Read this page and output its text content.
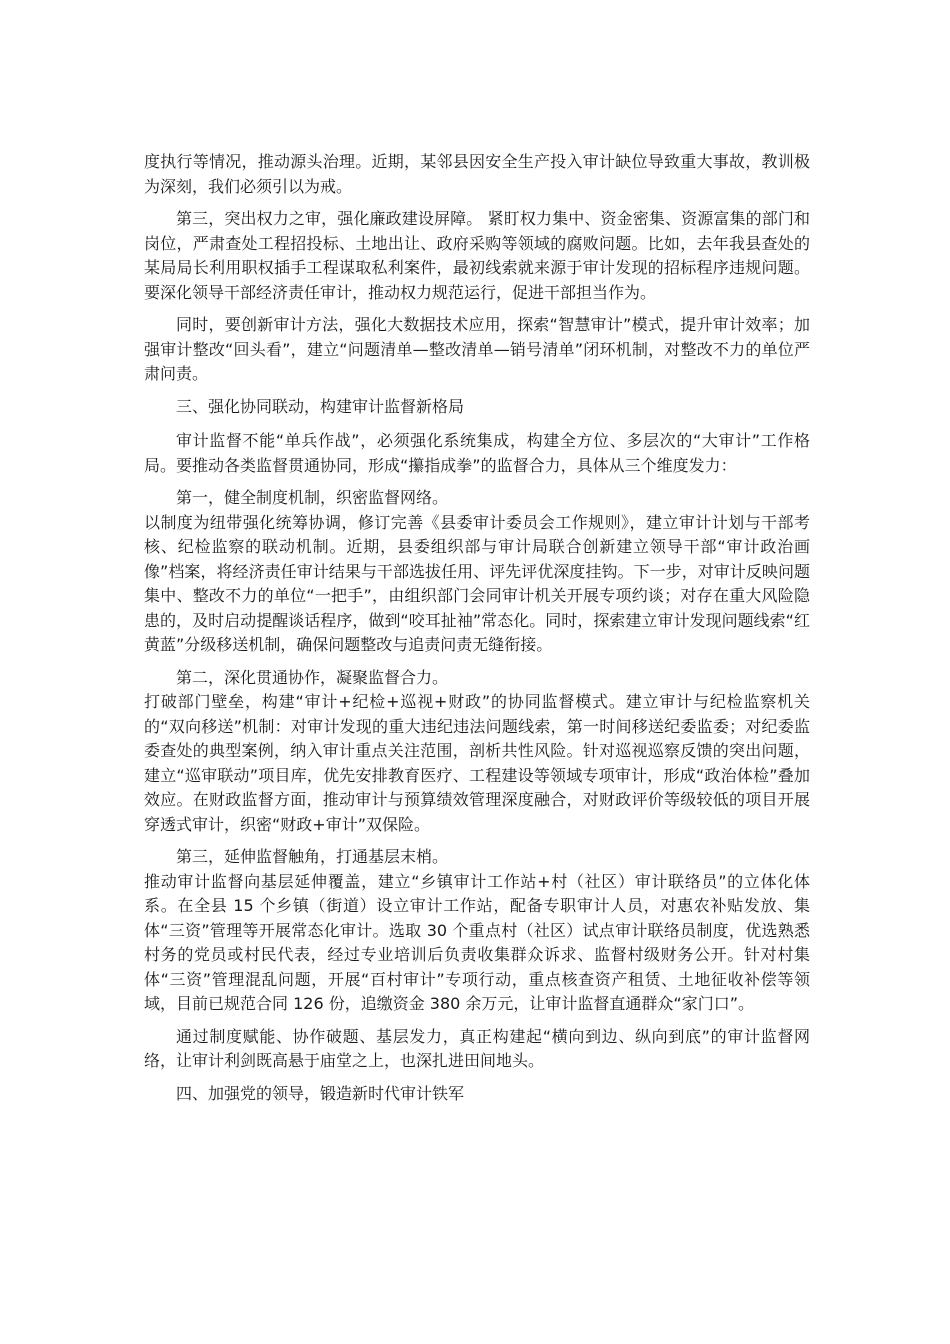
度执行等情况，推动源头治理。近期，某邻县因安全生产投入审计缺位导致重大事故，教训极为深刻，我们必须引以为戒。

第三，突出权力之审，强化廉政建设屏障。 紧盯权力集中、资金密集、资源富集的部门和岗位，严肃查处工程招投标、土地出让、政府采购等领域的腐败问题。比如，去年我县查处的某局局长利用职权插手工程谋取私利案件，最初线索就来源于审计发现的招标程序违规问题。要深化领导干部经济责任审计，推动权力规范运行，促进干部担当作为。

同时，要创新审计方法，强化大数据技术应用，探索“智慧审计”模式，提升审计效率；加强审计整改“回头看”，建立“问题清单—整改清单—销号清单”闭环机制，对整改不力的单位严肃问责。

三、强化协同联动，构建审计监督新格局

审计监督不能“单兵作战”，必须强化系统集成，构建全方位、多层次的“大审计”工作格局。要推动各类监督贯通协同，形成“攥指成拳”的监督合力，具体从三个维度发力：

第一，健全制度机制，织密监督网络。

以制度为纽带强化统筹协调，修订完善《县委审计委员会工作规则》，建立审计计划与干部考核、纪检监察的联动机制。近期，县委组织部与审计局联合创新建立领导干部“审计政治画像”档案，将经济责任审计结果与干部选拔任用、评先评优深度挂钩。下一步，对审计反映问题集中、整改不力的单位“一把手”，由组织部门会同审计机关开展专项约谈；对存在重大风险隐患的，及时启动提醒谈话程序，做到“咬耳扯袖”常态化。同时，探索建立审计发现问题线索“红黄蓝”分级移送机制，确保问题整改与追责问责无缝衔接。

第二，深化贯通协作，凝聚监督合力。

打破部门壁垒，构建“审计+纪检+巡视+财政”的协同监督模式。建立审计与纪检监察机关的“双向移送”机制：对审计发现的重大违纪违法问题线索，第一时间移送纪委监委；对纪委监委查处的典型案例，纳入审计重点关注范围，剖析共性风险。针对巡视巡察反馈的突出问题，建立“巡审联动”项目库，优先安排教育医疗、工程建设等领域专项审计，形成“政治体检”叠加效应。在财政监督方面，推动审计与预算绩效管理深度融合，对财政评价等级较低的项目开展穿透式审计，织密“财政+审计”双保险。

第三，延伸监督触角，打通基层末梢。

推动审计监督向基层延伸覆盖，建立“乡镇审计工作站+村（社区）审计联络员”的立体化体系。在全县 15 个乡镇（街道）设立审计工作站，配备专职审计人员，对惠农补贴发放、集体“三资”管理等开展常态化审计。选取 30 个重点村（社区）试点审计联络员制度，优选熟悉村务的党员或村民代表，经过专业培训后负责收集群众诉求、监督村级财务公开。针对村集体“三资”管理混乱问题，开展“百村审计”专项行动，重点核查资产租赁、土地征收补偿等领域，目前已规范合同 126 份，追缴资金 380 余万元，让审计监督直通群众“家门口”。

通过制度赋能、协作破题、基层发力，真正构建起“横向到边、纵向到底”的审计监督网络，让审计利剑既高悬于庙堂之上，也深扎进田间地头。

四、加强党的领导，锻造新时代审计铁军
